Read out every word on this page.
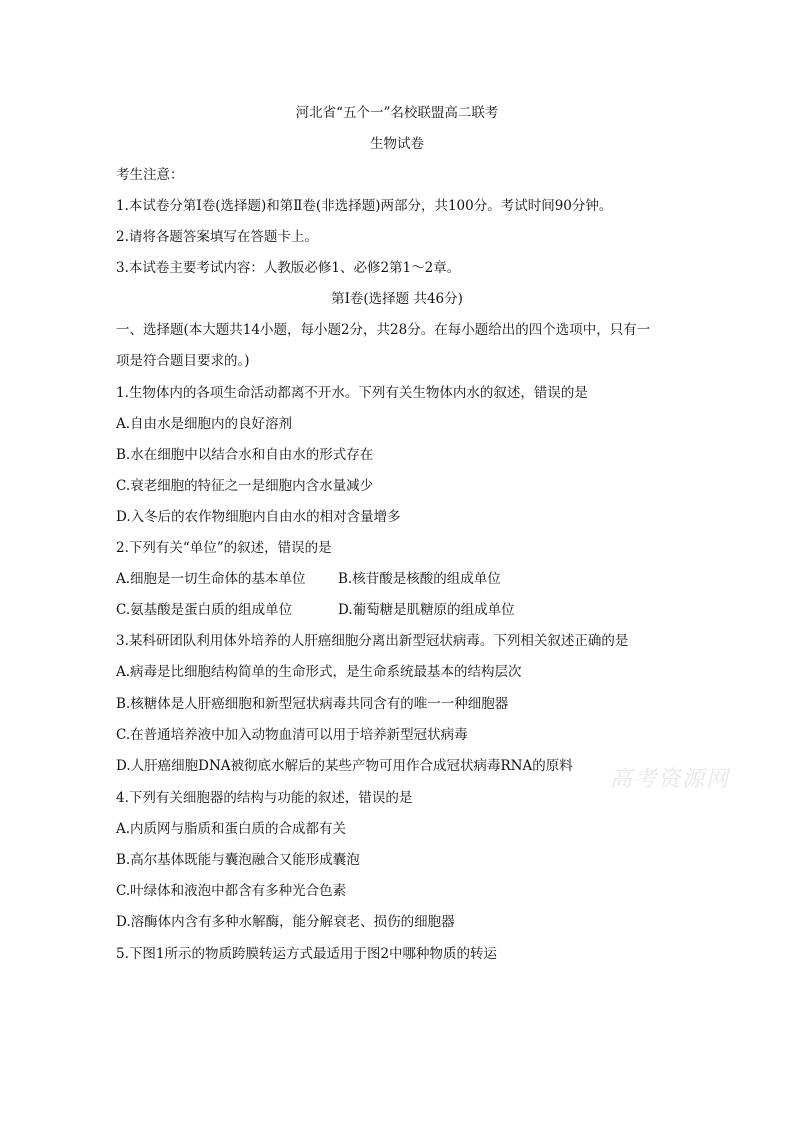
河北省“五个一”名校联盟高二联考
生物试卷
考生注意：
1.本试卷分第Ⅰ卷(选择题)和第Ⅱ卷(非选择题)两部分，共100分。考试时间90分钟。
2.请将各题答案填写在答题卡上。
3.本试卷主要考试内容：人教版必修1、必修2第1～2章。
第Ⅰ卷(选择题 共46分)
一、选择题(本大题共14小题，每小题2分，共28分。在每小题给出的四个选项中，只有一
项是符合题目要求的。)
1.生物体内的各项生命活动都离不开水。下列有关生物体内水的叙述，错误的是
A.自由水是细胞内的良好溶剂
B.水在细胞中以结合水和自由水的形式存在
C.衰老细胞的特征之一是细胞内含水量减少
D.入冬后的农作物细胞内自由水的相对含量增多
2.下列有关“单位”的叙述，错误的是
A.细胞是一切生命体的基本单位 B.核苷酸是核酸的组成单位
C.氨基酸是蛋白质的组成单位	D.葡萄糖是肌糖原的组成单位
3.某科研团队利用体外培养的人肝癌细胞分离出新型冠状病毒。下列相关叙述正确的是
A.病毒是比细胞结构简单的生命形式，是生命系统最基本的结构层次
B.核糖体是人肝癌细胞和新型冠状病毒共同含有的唯一一种细胞器
C.在普通培养液中加入动物血清可以用于培养新型冠状病毒
D.人肝癌细胞DNA被彻底水解后的某些产物可用作合成冠状病毒RNA的原料
高考资源网
4.下列有关细胞器的结构与功能的叙述，错误的是
A.内质网与脂质和蛋白质的合成都有关
B.高尔基体既能与囊泡融合又能形成囊泡
C.叶绿体和液泡中都含有多种光合色素
D.溶酶体内含有多种水解酶，能分解衰老、损伤的细胞器
5.下图1所示的物质跨膜转运方式最适用于图2中哪种物质的转运
